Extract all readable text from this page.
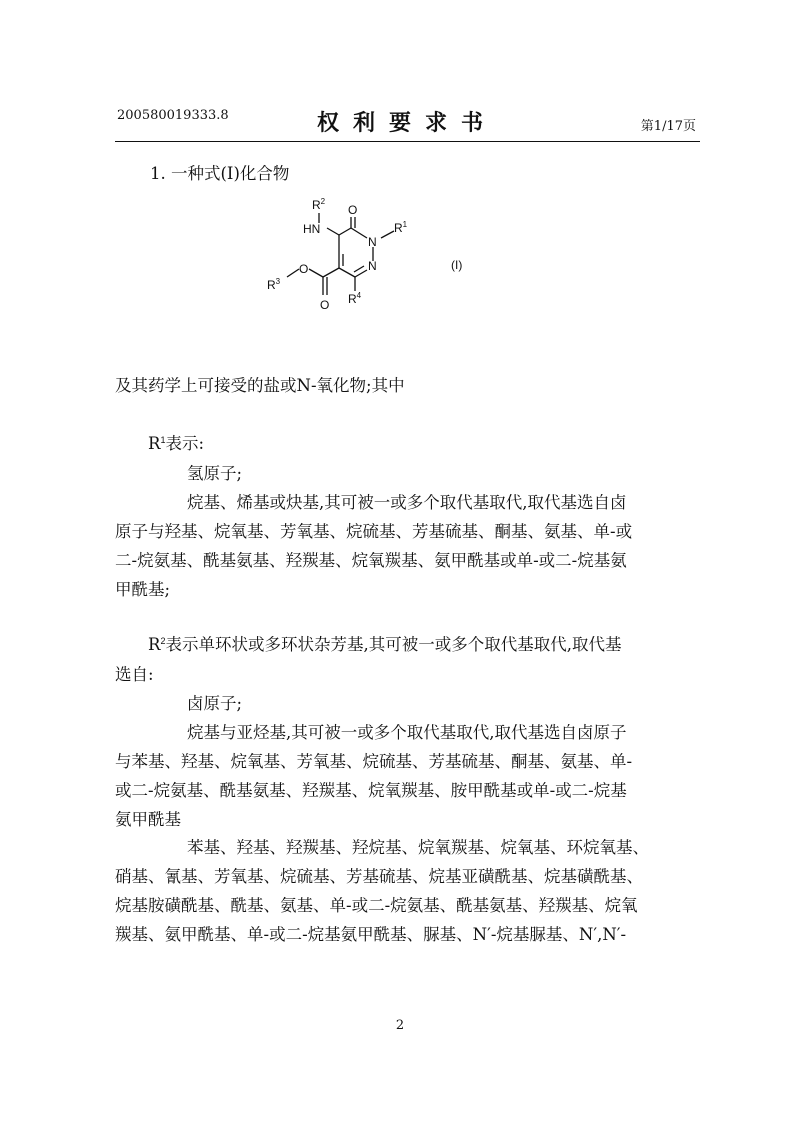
200580019333.8	权利要求书	第1/17页
1. 一种式(I)化合物
$R^2$
HN
O
N
$R^1$
N
$R^3$
O
O $R^4$
(I)
及其药学上可接受的盐或N-氧化物;其中
$R^1$表示:
氢原子;
烷基、烯基或炔基,其可被一或多个取代基取代,取代基选自卤
原子与羟基、烷氧基、芳氧基、烷硫基、芳基硫基、酮基、氨基、单-或
二-烷氨基、酰基氨基、羟羰基、烷氧羰基、氨甲酰基或单-或二-烷基氨
甲酰基;
$R^2$表示单环状或多环状杂芳基,其可被一或多个取代基取代,取代基
选自:
卤原子;
烷基与亚烃基,其可被一或多个取代基取代,取代基选自卤原子
与苯基、羟基、烷氧基、芳氧基、烷硫基、芳基硫基、酮基、氨基、单-
或二-烷氨基、酰基氨基、羟羰基、烷氧羰基、胺甲酰基或单-或二-烷基
氨甲酰基
苯基、羟基、羟羰基、羟烷基、烷氧羰基、烷氧基、环烷氧基、
硝基、氰基、芳氧基、烷硫基、芳基硫基、烷基亚磺酰基、烷基磺酰基、
烷基胺磺酰基、酰基、氨基、单-或二-烷氨基、酰基氨基、羟羰基、烷氧
羰基、氨甲酰基、单-或二-烷基氨甲酰基、脲基、N′-烷基脲基、N′,N′-
2
